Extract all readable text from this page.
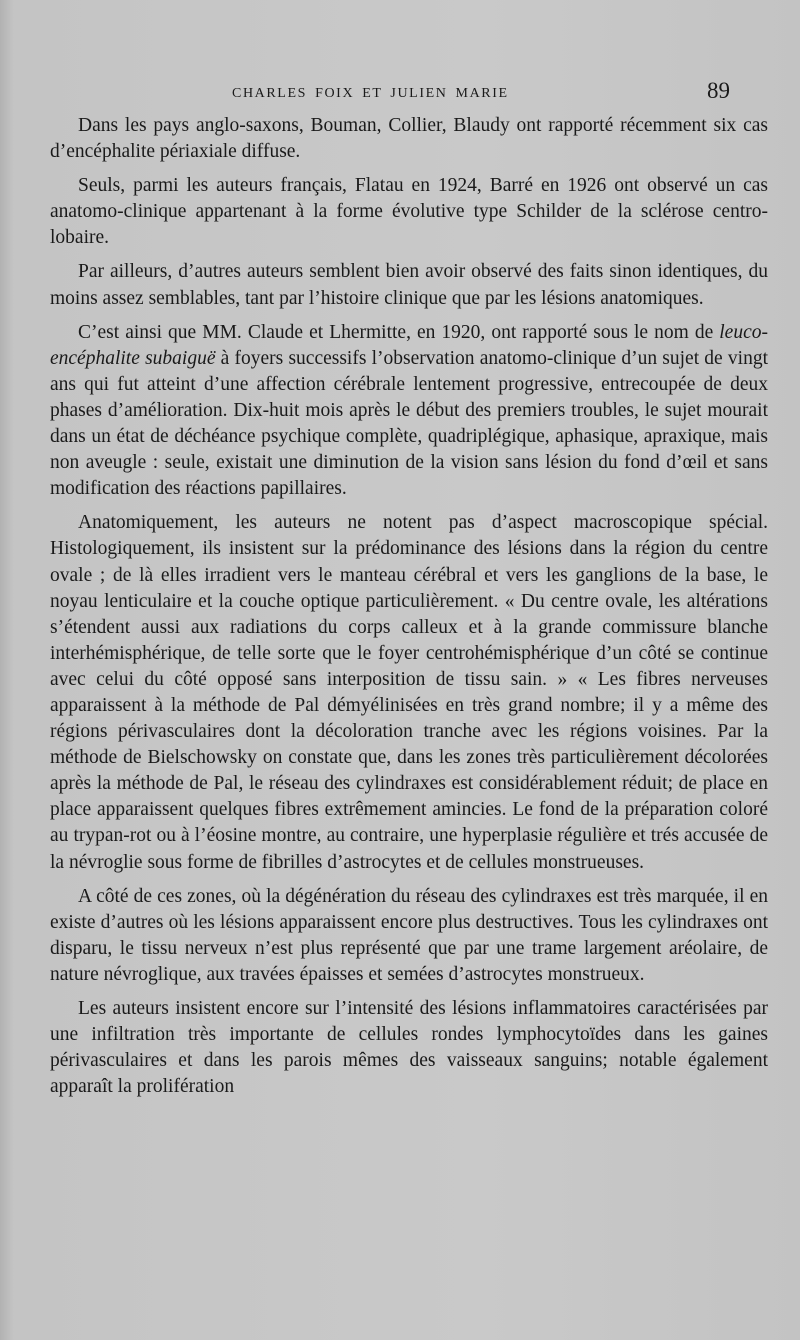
CHARLES FOIX ET JULIEN MARIE	89

Dans les pays anglo-saxons, Bouman, Collier, Blaudy ont rapporté récemment six cas d’encéphalite périaxiale diffuse.

Seuls, parmi les auteurs français, Flatau en 1924, Barré en 1926 ont observé un cas anatomo-clinique appartenant à la forme évolutive type Schilder de la sclérose centro-lobaire.

Par ailleurs, d’autres auteurs semblent bien avoir observé des faits sinon identiques, du moins assez semblables, tant par l’histoire clinique que par les lésions anatomiques.

C’est ainsi que MM. Claude et Lhermitte, en 1920, ont rapporté sous le nom de leuco-encéphalite subaiguë à foyers successifs l’observation anatomo-clinique d’un sujet de vingt ans qui fut atteint d’une affection cérébrale lentement progressive, entrecoupée de deux phases d’amélioration. Dix-huit mois après le début des premiers troubles, le sujet mourait dans un état de déchéance psychique complète, quadriplégique, aphasique, apraxique, mais non aveugle : seule, existait une diminution de la vision sans lésion du fond d’œil et sans modification des réactions papillaires.

Anatomiquement, les auteurs ne notent pas d’aspect macroscopique spécial. Histologiquement, ils insistent sur la prédominance des lésions dans la région du centre ovale ; de là elles irradient vers le manteau cérébral et vers les ganglions de la base, le noyau lenticulaire et la couche optique particulièrement. « Du centre ovale, les altérations s’étendent aussi aux radiations du corps calleux et à la grande commissure blanche interhémisphérique, de telle sorte que le foyer centrohémisphérique d’un côté se continue avec celui du côté opposé sans interposition de tissu sain. » « Les fibres nerveuses apparaissent à la méthode de Pal démyélinisées en très grand nombre; il y a même des régions périvasculaires dont la décoloration tranche avec les régions voisines. Par la méthode de Bielschowsky on constate que, dans les zones très particulièrement décolorées après la méthode de Pal, le réseau des cylindraxes est considérablement réduit; de place en place apparaissent quelques fibres extrêmement amincies. Le fond de la préparation coloré au trypan-rot ou à l’éosine montre, au contraire, une hyperplasie régulière et trés accusée de la névroglie sous forme de fibrilles d’astrocytes et de cellules monstrueuses.

A côté de ces zones, où la dégénération du réseau des cylindraxes est très marquée, il en existe d’autres où les lésions apparaissent encore plus destructives. Tous les cylindraxes ont disparu, le tissu nerveux n’est plus représenté que par une trame largement aréolaire, de nature névroglique, aux travées épaisses et semées d’astrocytes monstrueux.

Les auteurs insistent encore sur l’intensité des lésions inflammatoires caractérisées par une infiltration très importante de cellules rondes lymphocytoïdes dans les gaines périvasculaires et dans les parois mêmes des vaisseaux sanguins; notable également apparaît la prolifération
